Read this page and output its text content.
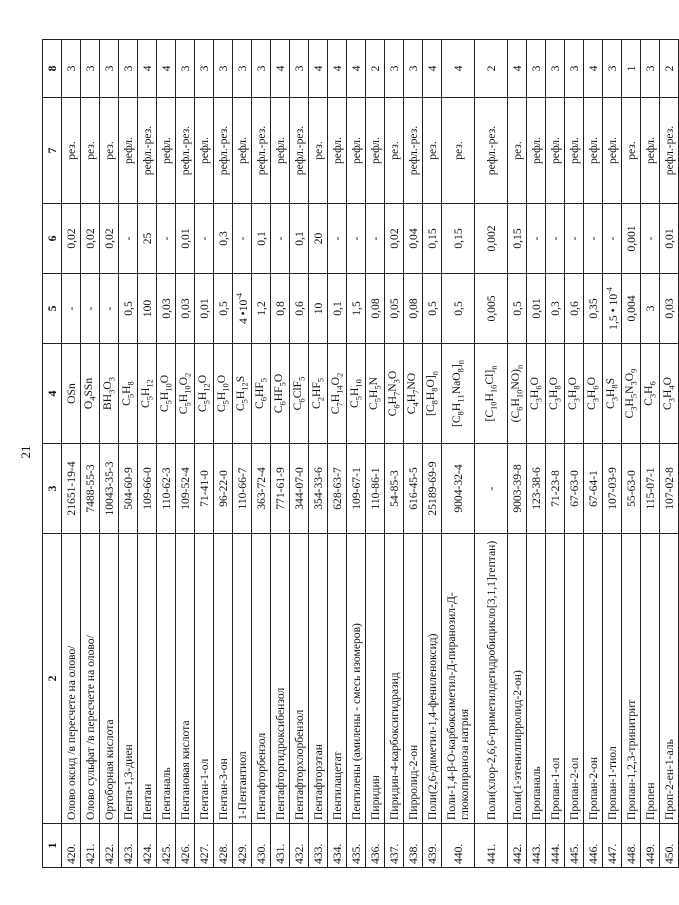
21
1	2	3	4	5	6	7	8
420.	Олово оксид /в пересчете на олово/	21651-19-4	OSn	-	0,02	рез.	3
421.	Олово сульфат /в пересчете на олово/	7488-55-3	$O_4SSn$	-	0,02	рез.	3
422.	Ортоборная кислота	10043-35-3	$BH_3O_3$	-	0,02	рез.	3
423.	Пента-1,3-диен	504-60-9	$C_5H_8$	0,5	-	рефл.	3
424.	Пентан	109-66-0	$C_5H_{12}$	100	25	рефл.-рез.	4
425.	Пентаналь	110-62-3	$C_5H_{10}O$	0,03	-	рефл.	4
426.	Пентановая кислота	109-52-4	$C_5H_{10}O_2$	0,03	0,01	рефл.-рез.	3
427.	Пентан-1-ол	71-41-0	$C_5H_{12}O$	0,01	-	рефл.	3
428.	Пентан-3-он	96-22-0	$C_5H_{10}O$	0,5	0,3	рефл.-рез.	3
429.	1-Пентантиол	110-66-7	$C_5H_{12}S$	4 $•10^{-4}$	-	рефл.	3
430.	Пентафторбензол	363-72-4	$C_6HF_5$	1,2	0,1	рефл.-рез.	3
431.	Пентафторгидроксибензол	771-61-9	$C_6HF_5O$	0,8	-	рефл.	4
432.	Пентафторхлорбензол	344-07-0	$C_6ClF_5$	0,6	0,1	рефл.-рез.	3
433.	Пентафторэтан	354-33-6	$C_2HF_5$	10	20	рез.	4
434.	Пентилацетат	628-63-7	$C_7H_{14}O_2$	0,1	-	рефл.	4
435.	Пентилены (амилены - смесь изомеров)	109-67-1	$C_5H_{10}$	1,5	-	рефл.	4
436.	Пиридин	110-86-1	$C_5H_5N$	0,08	-	рефл.	2
437.	Пиридин-4-карбоксигидразид	54-85-3	$C_6H_7N_3O$	0,05	0,02	рез.	3
438.	Пирролид-2-он	616-45-5	$C_4H_7NO$	0,08	0,04	рефл.-рез.	3
439.	Поли(2,6-диметил-1,4-фениленоксид)	25189-69-9	$[C_8H_8O]_n$	0,5	0,15	рез.	4
440.	Поли-1,4-β-О-карбоксиметил-Д-пиранозил-Д-глюкопираноза натрия	9004-32-4	$[C_8H_{11}NaO_8]_n$	0,5	0,15	рез.	4
441.	Поли(хлор-2,6,6-триметилдегидробицикло[3,1,1]гептан)	-	$[C_{10}H_{16}Cl]_n$	0,005	0,002	рефл.-рез.	2
442.	Поли(1-этенилпирролид-2-он)	9003-39-8	$(C_6H_{10}NO)_n$	0,5	0,15	рез.	4
443.	Пропаналь	123-38-6	$C_3H_6O$	0,01	-	рефл.	3
444.	Пропан-1-ол	71-23-8	$C_3H_8O$	0,3	-	рефл.	3
445.	Пропан-2-ол	67-63-0	$C_3H_8O$	0,6	-	рефл.	3
446.	Пропан-2-он	67-64-1	$C_3H_6O$	0,35	-	рефл.	4
447.	Пропан-1-тиол	107-03-9	$C_3H_8S$	1,5 • $10^{-4}$	-	рефл.	3
448.	Пропан-1,2,3-тринитрит	55-63-0	$C_3H_5N_3O_9$	0,004	0,001	рез.	1
449.	Пропен	115-07-1	$C_3H_6$	3	-	рефл.	3
450.	Проп-2-ен-1-аль	107-02-8	$C_3H_4O$	0,03	0,01	рефл.-рез.	2
